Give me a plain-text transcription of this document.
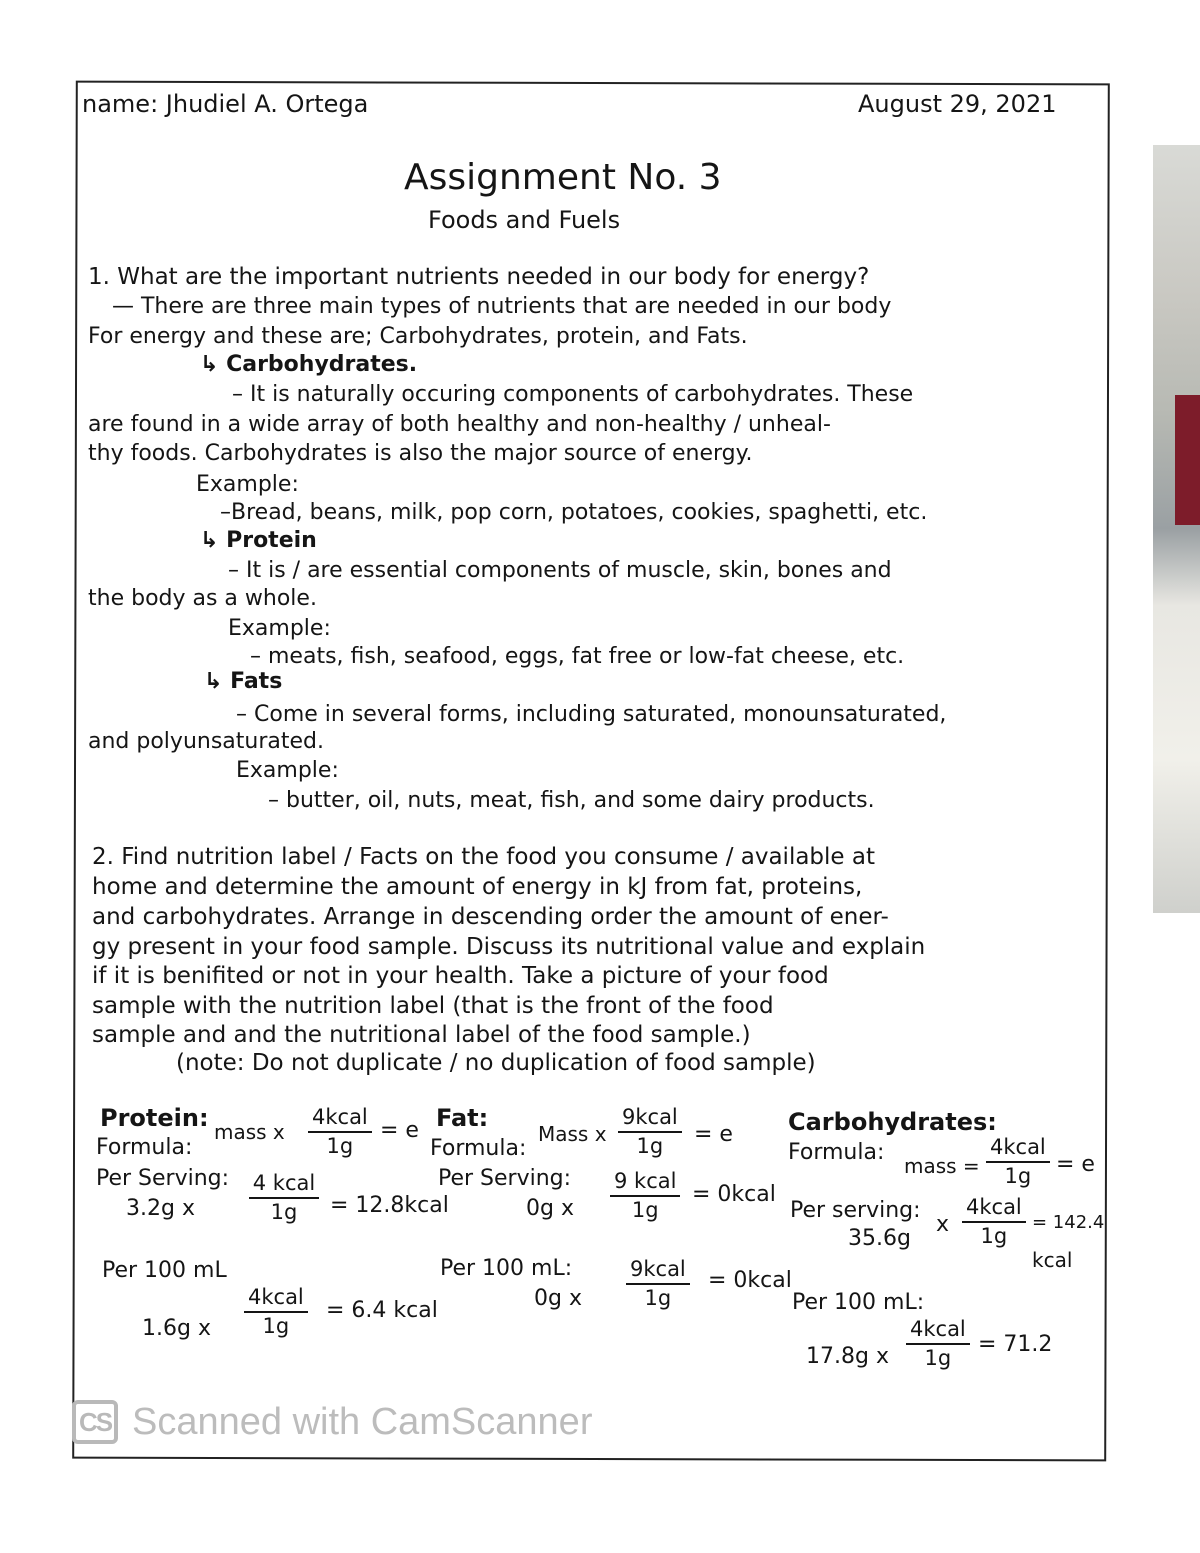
name: Jhudiel A. Ortega	August 29, 2021
Assignment No. 3
Foods and Fuels
1. What are the important nutrients needed in our body for energy?
— There are three main types of nutrients that are needed in our body
For energy and these are; Carbohydrates, protein, and Fats.
↳ Carbohydrates.
– It is naturally occuring components of carbohydrates. These
are found in a wide array of both healthy and non-healthy / unheal-
thy foods. Carbohydrates is also the major source of energy.
Example:
–Bread, beans, milk, pop corn, potatoes, cookies, spaghetti, etc.
↳ Protein
– It is / are essential components of muscle, skin, bones and
the body as a whole.
Example:
– meats, fish, seafood, eggs, fat free or low-fat cheese, etc.
↳ Fats
– Come in several forms, including saturated, monounsaturated,
and polyunsaturated.
Example:
– butter, oil, nuts, meat, fish, and some dairy products.
2. Find nutrition label / Facts on the food you consume / available at
home and determine the amount of energy in kJ from fat, proteins,
and carbohydrates. Arrange in descending order the amount of ener-
gy present in your food sample. Discuss its nutritional value and explain
if it is benifited or not in your health. Take a picture of your food
sample with the nutrition label (that is the front of the food
sample and and the nutritional label of the food sample.)
(note: Do not duplicate / no duplication of food sample)
Protein:
Formula:
mass x
4kcal
1g
= e
Per Serving:
3.2g x
4 kcal
1g = 12.8kcal
Per 100 mL
1.6g x
4kcal
1g
= 6.4 kcal
Fat:
Formula:
Mass x
9kcal
1g = e
Per Serving:
0g x
9 kcal
1g
= 0kcal
Per 100 mL:
0g x
9kcal
1g
= 0kcal
Carbohydrates:
Formula:
mass =
4kcal
1g = e
Per serving:
35.6g
x
4kcal
1g
= 142.4
kcal
Per 100 mL:
17.8g x
4kcal
1g
= 71.2
CS Scanned with CamScanner
